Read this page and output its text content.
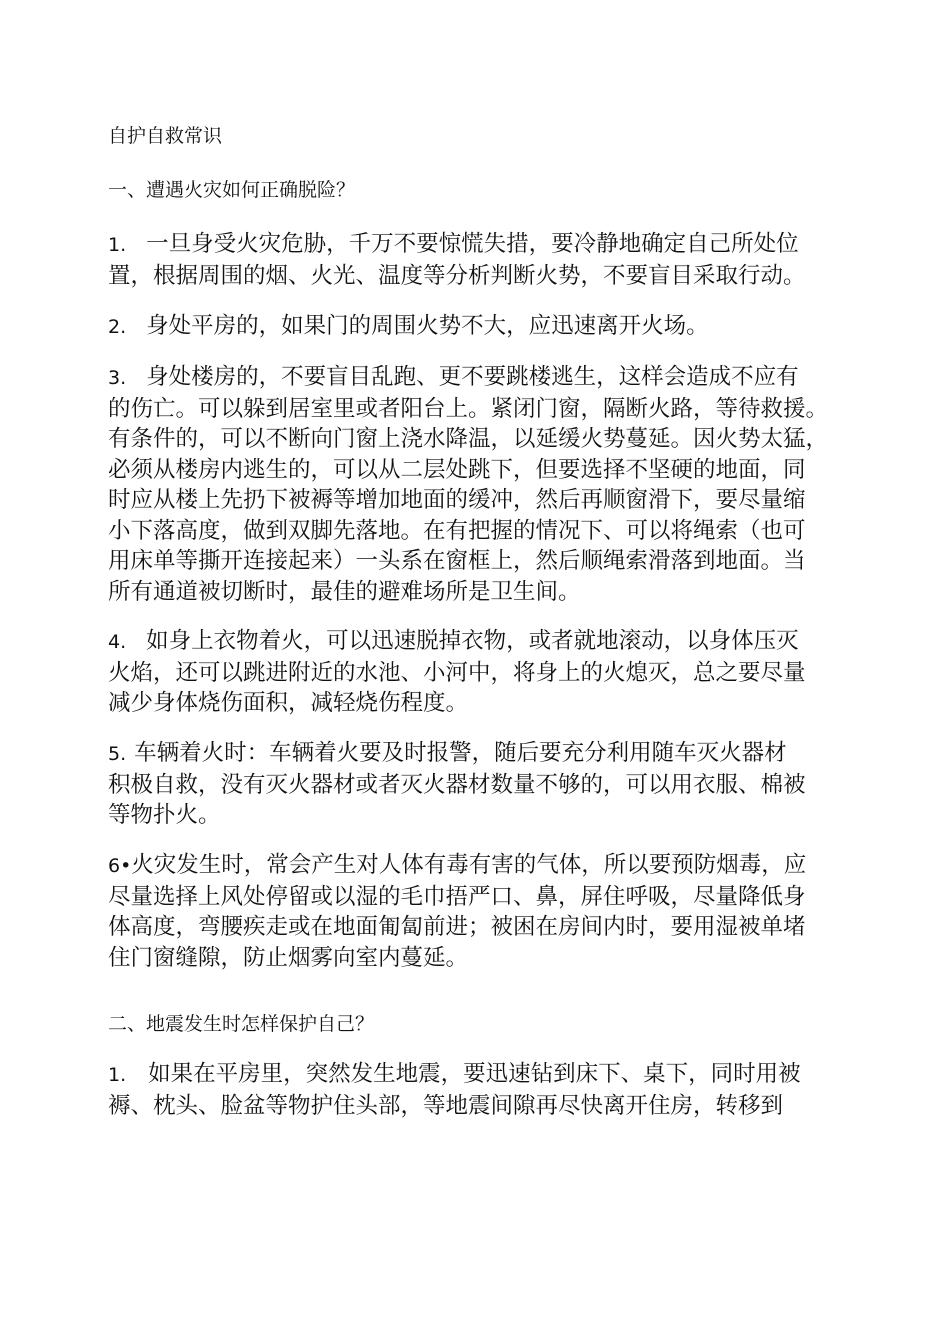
自护自救常识
一、遭遇火灾如何正确脱险？
1. 一旦身受火灾危胁，千万不要惊慌失措，要冷静地确定自己所处位
置，根据周围的烟、火光、温度等分析判断火势，不要盲目采取行动。
2. 身处平房的，如果门的周围火势不大，应迅速离开火场。
3. 身处楼房的，不要盲目乱跑、更不要跳楼逃生，这样会造成不应有
的伤亡。可以躲到居室里或者阳台上。紧闭门窗，隔断火路，等待救援。
有条件的，可以不断向门窗上浇水降温，以延缓火势蔓延。因火势太猛，
必须从楼房内逃生的，可以从二层处跳下，但要选择不坚硬的地面，同
时应从楼上先扔下被褥等增加地面的缓冲，然后再顺窗滑下，要尽量缩
小下落高度，做到双脚先落地。在有把握的情况下、可以将绳索（也可
用床单等撕开连接起来）一头系在窗框上，然后顺绳索滑落到地面。当
所有通道被切断时，最佳的避难场所是卫生间。
4. 如身上衣物着火，可以迅速脱掉衣物，或者就地滚动，以身体压灭
火焰，还可以跳进附近的水池、小河中，将身上的火熄灭，总之要尽量
减少身体烧伤面积，减轻烧伤程度。
5. 车辆着火时：车辆着火要及时报警，随后要充分利用随车灭火器材
积极自救，没有灭火器材或者灭火器材数量不够的，可以用衣服、棉被
等物扑火。
6•火灾发生时，常会产生对人体有毒有害的气体，所以要预防烟毒，应
尽量选择上风处停留或以湿的毛巾捂严口、鼻，屏住呼吸，尽量降低身
体高度，弯腰疾走或在地面匍匐前进；被困在房间内时，要用湿被单堵
住门窗缝隙，防止烟雾向室内蔓延。
二、地震发生时怎样保护自己？
1. 如果在平房里，突然发生地震，要迅速钻到床下、桌下，同时用被
褥、枕头、脸盆等物护住头部，等地震间隙再尽快离开住房，转移到
